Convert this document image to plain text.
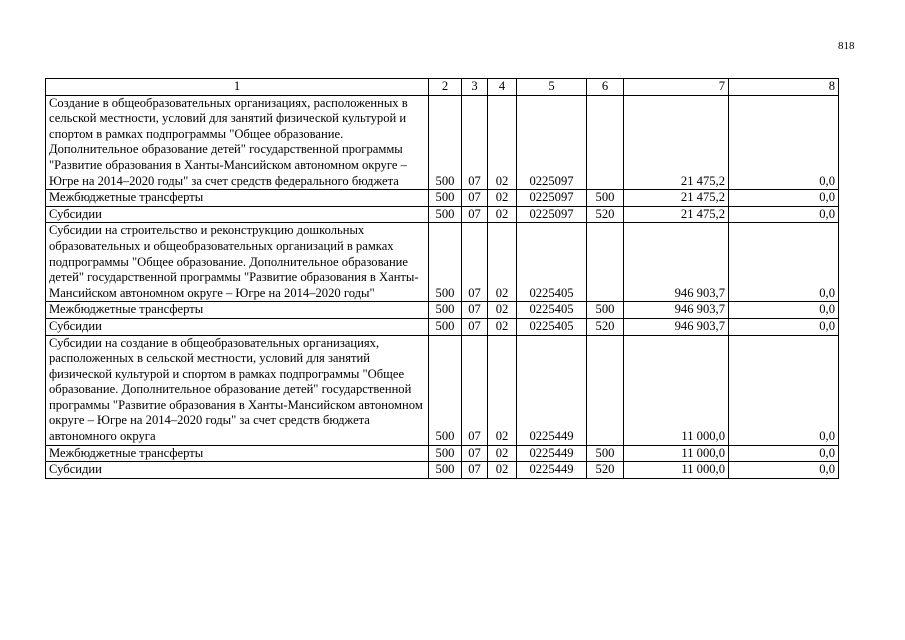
818
1	2	3	4	5	6	7	8
Создание в общеобразовательных организациях, расположенных в сельской местности, условий для занятий физической культурой и спортом в рамках подпрограммы "Общее образование. Дополнительное образование детей" государственной программы "Развитие образования в Ханты-Мансийском автономном округе – Югре на 2014–2020 годы" за счет средств федерального бюджета	500	07	02	0225097		21 475,2	0,0
Межбюджетные трансферты	500	07	02	0225097	500	21 475,2	0,0
Субсидии	500	07	02	0225097	520	21 475,2	0,0
Субсидии на строительство и реконструкцию дошкольных образовательных и общеобразовательных организаций в рамках подпрограммы "Общее образование. Дополнительное образование детей" государственной программы "Развитие образования в Ханты-Мансийском автономном округе – Югре на 2014–2020 годы"	500	07	02	0225405		946 903,7	0,0
Межбюджетные трансферты	500	07	02	0225405	500	946 903,7	0,0
Субсидии	500	07	02	0225405	520	946 903,7	0,0
Субсидии на создание в общеобразовательных организациях, расположенных в сельской местности, условий для занятий физической культурой и спортом в рамках подпрограммы "Общее образование. Дополнительное образование детей" государственной программы "Развитие образования в Ханты-Мансийском автономном округе – Югре на 2014–2020 годы" за счет средств бюджета автономного округа	500	07	02	0225449		11 000,0	0,0
Межбюджетные трансферты	500	07	02	0225449	500	11 000,0	0,0
Субсидии	500	07	02	0225449	520	11 000,0	0,0
